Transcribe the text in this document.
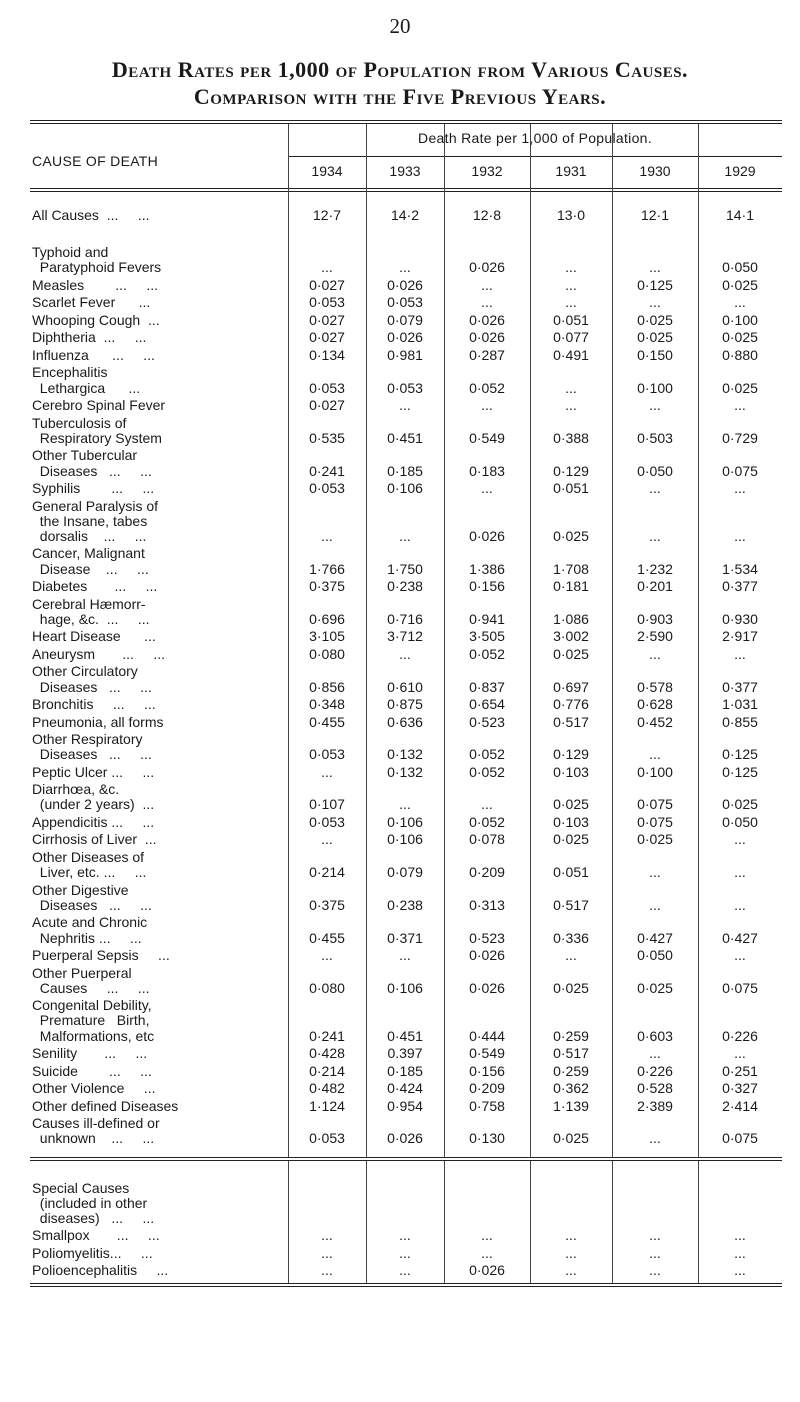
20
Death Rates per 1,000 of Population from Various Causes.
Comparison with the Five Previous Years.
CAUSE OF DEATH
Death Rate per 1,000 of Population.
1934	1933	1932	1931	1930	1929
All Causes  ...     ...	12·7	14·2	12·8	13·0	12·1	14·1
Typhoid and
Paratyphoid Fevers	...	...	0·026	...	...	0·050
Measles        ...     ...	0·027	0·026	...	...	0·125	0·025
Scarlet Fever      ...	0·053	0·053	...	...	...	...
Whooping Cough  ...	0·027	0·079	0·026	0·051	0·025	0·100
Diphtheria  ...     ...	0·027	0·026	0·026	0·077	0·025	0·025
Influenza      ...     ...	0·134	0·981	0·287	0·491	0·150	0·880
Encephalitis
Lethargica      ...	0·053	0·053	0·052	...	0·100	0·025
Cerebro Spinal Fever	0·027	...	...	...	...	...
Tuberculosis of
Respiratory System	0·535	0·451	0·549	0·388	0·503	0·729
Other Tubercular
Diseases   ...     ...	0·241	0·185	0·183	0·129	0·050	0·075
Syphilis        ...     ...	0·053	0·106	...	0·051	...	...
General Paralysis of
the Insane, tabes
dorsalis    ...     ...	...	...	0·026	0·025	...	...
Cancer, Malignant
Disease    ...     ...	1·766	1·750	1·386	1·708	1·232	1·534
Diabetes       ...     ...	0·375	0·238	0·156	0·181	0·201	0·377
Cerebral Hæmorr-
hage, &c.  ...     ...	0·696	0·716	0·941	1·086	0·903	0·930
Heart Disease      ...	3·105	3·712	3·505	3·002	2·590	2·917
Aneurysm       ...     ...	0·080	...	0·052	0·025	...	...
Other Circulatory
Diseases   ...     ...	0·856	0·610	0·837	0·697	0·578	0·377
Bronchitis     ...     ...	0·348	0·875	0·654	0·776	0·628	1·031
Pneumonia, all forms	0·455	0·636	0·523	0·517	0·452	0·855
Other Respiratory
Diseases   ...     ...	0·053	0·132	0·052	0·129	...	0·125
Peptic Ulcer ...     ...	...	0·132	0·052	0·103	0·100	0·125
Diarrhœa, &c.
(under 2 years)  ...	0·107	...	...	0·025	0·075	0·025
Appendicitis ...     ...	0·053	0·106	0·052	0·103	0·075	0·050
Cirrhosis of Liver  ...	...	0·106	0·078	0·025	0·025	...
Other Diseases of
Liver, etc. ...     ...	0·214	0·079	0·209	0·051	...	...
Other Digestive
Diseases   ...     ...	0·375	0·238	0·313	0·517	...	...
Acute and Chronic
Nephritis ...     ...	0·455	0·371	0·523	0·336	0·427	0·427
Puerperal Sepsis     ...	...	...	0·026	...	0·050	...
Other Puerperal
Causes     ...     ...	0·080	0·106	0·026	0·025	0·025	0·075
Congenital Debility,
Premature   Birth,
Malformations, etc	0·241	0·451	0·444	0·259	0·603	0·226
Senility       ...     ...	0·428	0.397	0·549	0·517	...	...
Suicide        ...     ...	0·214	0·185	0·156	0·259	0·226	0·251
Other Violence     ...	0·482	0·424	0·209	0·362	0·528	0·327
Other defined Diseases	1·124	0·954	0·758	1·139	2·389	2·414
Causes ill-defined or
unknown    ...     ...	0·053	0·026	0·130	0·025	...	0·075
Special Causes
(included in other
diseases)   ...     ...
Smallpox       ...     ...	...	...	...	...	...	...
Poliomyelitis...     ...	...	...	...	...	...	...
Polioencephalitis     ...	...	...	0·026	...	...	...
